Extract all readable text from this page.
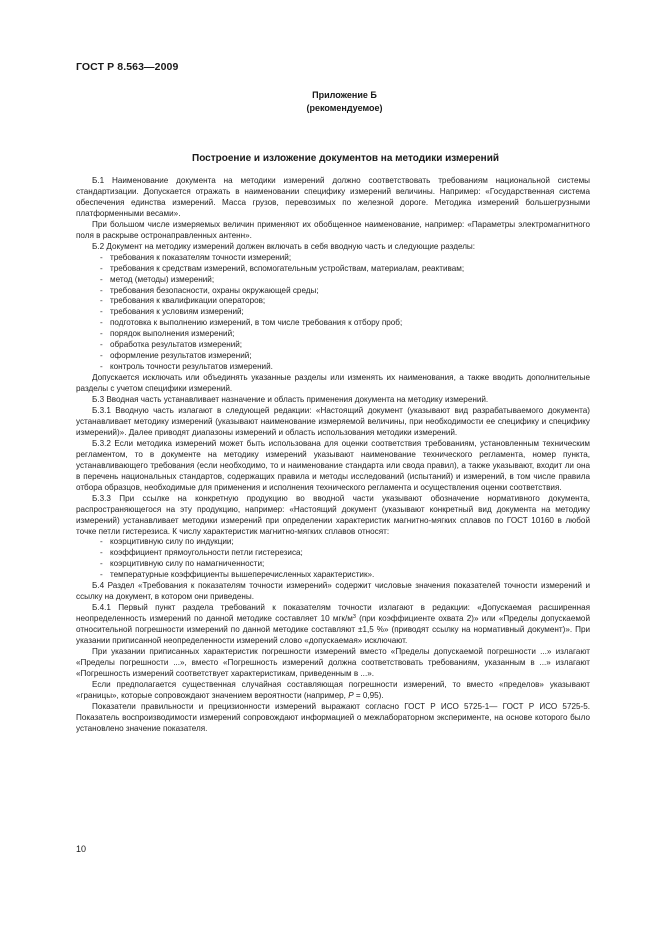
ГОСТ Р 8.563—2009
Приложение Б
(рекомендуемое)
Построение и изложение документов на методики измерений

Б.1 Наименование документа на методики измерений должно соответствовать требованиям национальной системы стандартизации. Допускается отражать в наименовании специфику измерений величины. Например: «Государственная система обеспечения единства измерений. Масса грузов, перевозимых по железной дороге. Методика измерений большегрузными платформенными весами».

При большом числе измеряемых величин применяют их обобщенное наименование, например: «Параметры электромагнитного поля в раскрыве остронаправленных антенн».

Б.2 Документ на методику измерений должен включать в себя вводную часть и следующие разделы:

- требования к показателям точности измерений;
- требования к средствам измерений, вспомогательным устройствам, материалам, реактивам;
- метод (методы) измерений;
- требования безопасности, охраны окружающей среды;
- требования к квалификации операторов;
- требования к условиям измерений;
- подготовка к выполнению измерений, в том числе требования к отбору проб;
- порядок выполнения измерений;
- обработка результатов измерений;
- оформление результатов измерений;
- контроль точности результатов измерений.

Допускается исключать или объединять указанные разделы или изменять их наименования, а также вводить дополнительные разделы с учетом специфики измерений.

Б.3 Вводная часть устанавливает назначение и область применения документа на методику измерений.

Б.3.1 Вводную часть излагают в следующей редакции: «Настоящий документ (указывают вид разрабатываемого документа) устанавливает методику измерений (указывают наименование измеряемой величины, при необходимости ее специфику и специфику измерений)». Далее приводят диапазоны измерений и область использования методики измерений.

Б.3.2 Если методика измерений может быть использована для оценки соответствия требованиям, установленным техническим регламентом, то в документе на методику измерений указывают наименование технического регламента, номер пункта, устанавливающего требования (если необходимо, то и наименование стандарта или свода правил), а также указывают, входит ли она в перечень национальных стандартов, содержащих правила и методы исследований (испытаний) и измерений, в том числе правила отбора образцов, необходимые для применения и исполнения технического регламента и осуществления оценки соответствия.

Б.3.3 При ссылке на конкретную продукцию во вводной части указывают обозначение нормативного документа, распространяющегося на эту продукцию, например: «Настоящий документ (указывают конкретный вид документа на методику измерений) устанавливает методики измерений при определении характеристик магнитно-мягких сплавов по ГОСТ 10160 в любой точке петли гистерезиса. К числу характеристик магнитно-мягких сплавов относят:

- коэрцитивную силу по индукции;
- коэффициент прямоугольности петли гистерезиса;
- коэрцитивную силу по намагниченности;
- температурные коэффициенты вышеперечисленных характеристик».

Б.4 Раздел «Требования к показателям точности измерений» содержит числовые значения показателей точности измерений и ссылку на документ, в котором они приведены.

Б.4.1 Первый пункт раздела требований к показателям точности излагают в редакции: «Допускаемая расширенная неопределенность измерений по данной методике составляет 10 мгк/$м^3$ (при коэффициенте охвата 2)» или «Пределы допускаемой относительной погрешности измерений по данной методике составляют ±1,5 %» (приводят ссылку на нормативный документ)». При указании приписанной неопределенности измерений слово «допускаемая» исключают.

При указании приписанных характеристик погрешности измерений вместо «Пределы допускаемой погрешности ...» излагают «Пределы погрешности ...», вместо «Погрешность измерений должна соответствовать требованиям, указанным в ...» излагают «Погрешность измерений соответствует характеристикам, приведенным в ...».

Если предполагается существенная случайная составляющая погрешности измерений, то вместо «пределов» указывают «границы», которые сопровождают значением вероятности (например, P = 0,95).

Показатели правильности и прецизионности измерений выражают согласно ГОСТ Р ИСО 5725-1— ГОСТ Р ИСО 5725-5. Показатель воспроизводимости измерений сопровождают информацией о межлабораторном эксперименте, на основе которого было установлено значение показателя.

10
